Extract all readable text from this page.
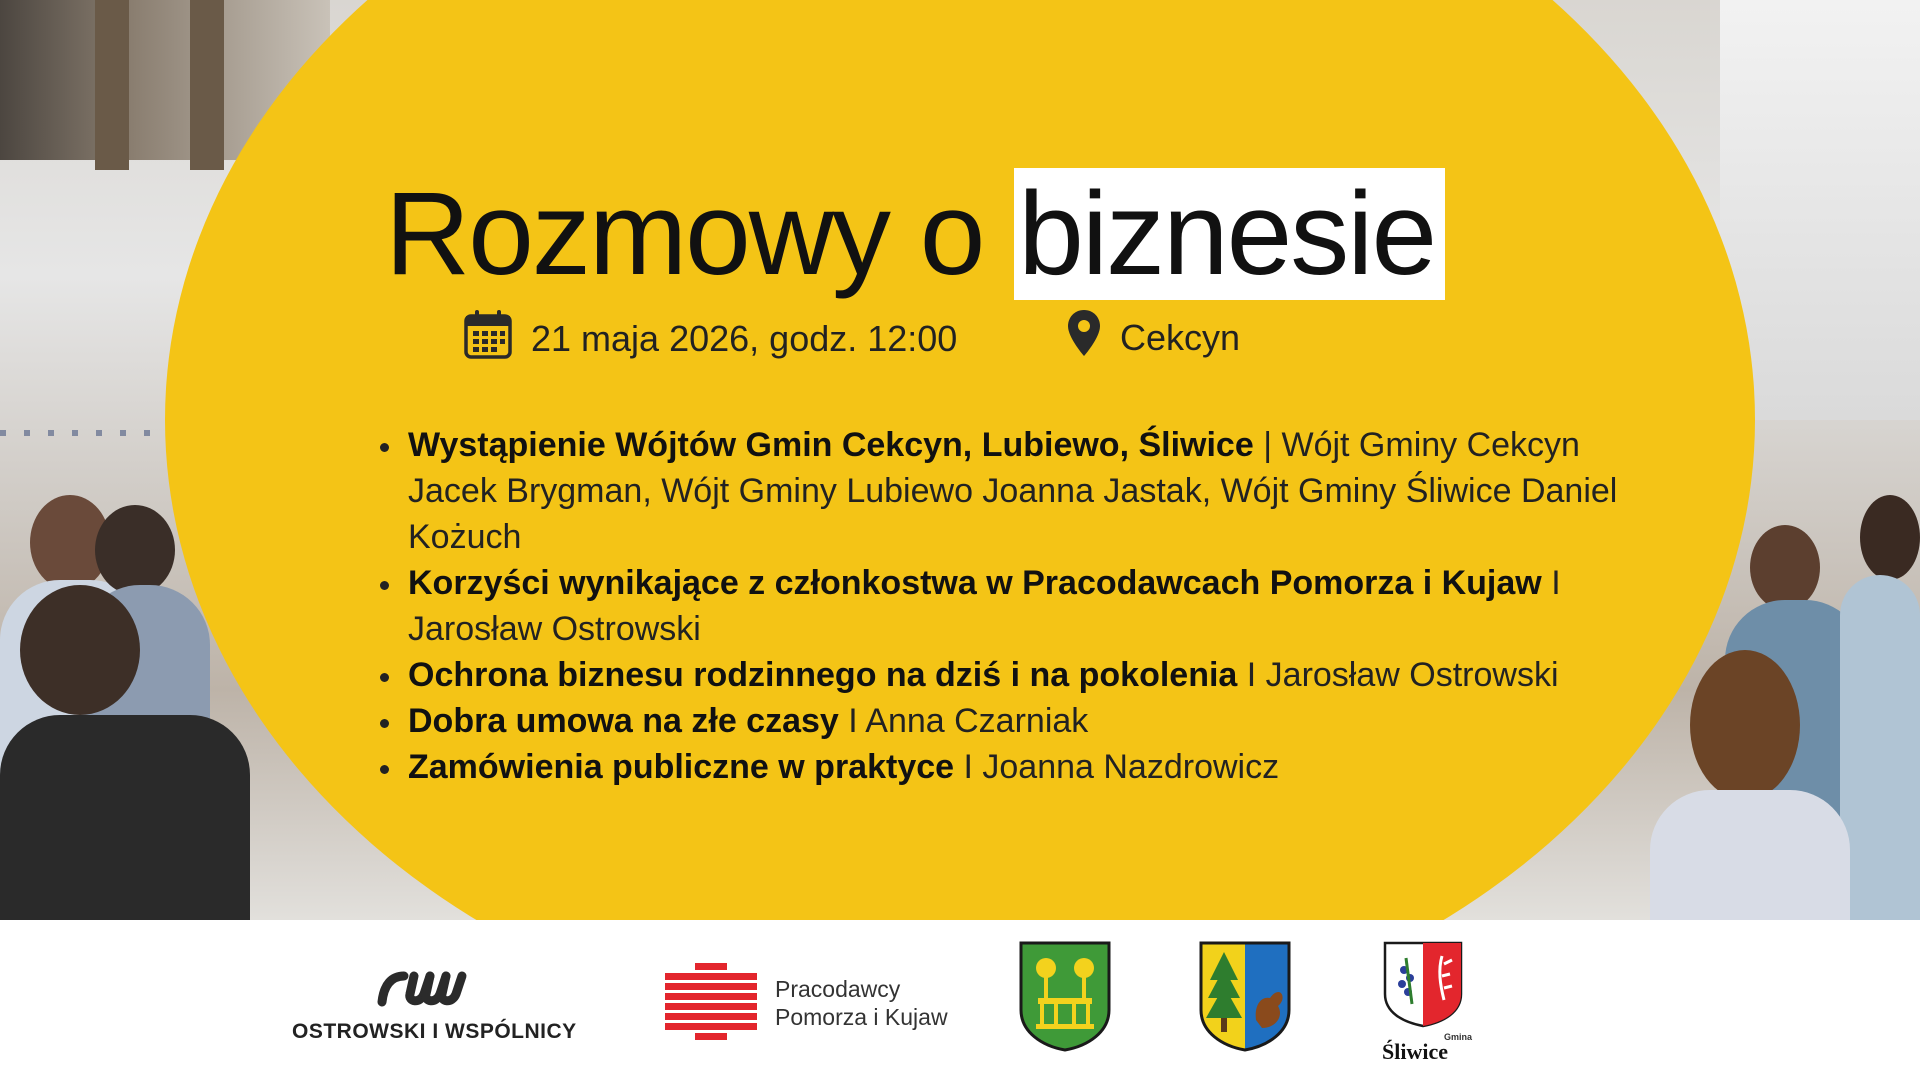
Rozmowy o biznesie
21 maja 2026, godz. 12:00	Cekcyn
• Wystąpienie Wójtów Gmin Cekcyn, Lubiewo, Śliwice | Wójt Gminy Cekcyn Jacek Brygman, Wójt Gminy Lubiewo Joanna Jastak, Wójt Gminy Śliwice Daniel Kożuch
• Korzyści wynikające z członkostwa w Pracodawcach Pomorza i Kujaw I Jarosław Ostrowski
• Ochrona biznesu rodzinnego na dziś i na pokolenia I Jarosław Ostrowski
• Dobra umowa na złe czasy I Anna Czarniak
• Zamówienia publiczne w praktyce I Joanna Nazdrowicz
OSTROWSKI I WSPÓLNICY
Pracodawcy
Pomorza i Kujaw
Gmina
Śliwice
